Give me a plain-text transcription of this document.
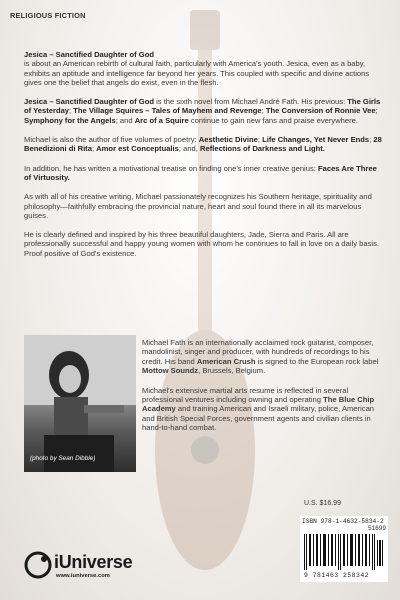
RELIGIOUS FICTION

Jesica – Sanctified Daughter of God
is about an American rebirth of cultural faith, particularly with America's youth. Jesica, even as a baby, exhibits an aptitude and intelligence far beyond her years. This coupled with specific and divine actions gives one the belief that angels do exist, even in the flesh.

Jesica – Sanctified Daughter of God is the sixth novel from Michael André Fath. His previous: The Girls of Yesterday; The Village Squires – Tales of Mayhem and Revenge; The Conversion of Ronnie Vee; Symphony for the Angels; and Arc of a Squire continue to gain new fans and praise everywhere.

Michael is also the author of five volumes of poetry: Aesthetic Divine; Life Changes, Yet Never Ends; 28 Benedizioni di Rita; Amor est Conceptualis; and, Reflections of Darkness and Light.

In addition, he has written a motivational treatise on finding one's inner creative genius: Faces Are Three of Virtuosity.

As with all of his creative writing, Michael passionately recognizes his Southern heritage, spirituality and philosophy—faithfully embracing the provincial nature, heart and soul found there in all its marvelous guises.

He is clearly defined and inspired by his three beautiful daughters, Jade, Sierra and Paris. All are professionally successful and happy young women with whom he continues to fall in love on a daily basis. Proof positive of God's existence.

(photo by Sean Dibble)

Michael Fath is an internationally acclaimed rock guitarist, composer, mandolinist, singer and producer, with hundreds of recordings to his credit. His band American Crush is signed to the European rock label Mottow Soundz, Brussels, Belgium.

Michael's extensive martial arts resume is reflected in several professional ventures including owning and operating The Blue Chip Academy and training American and Israeli military, police, American and British Special Forces, government agents and civilian clients in hand-to-hand combat.

U.S. $16.99
ISBN 978-1-4632-5834-2
51699
9 781463 258342
iUniverse
www.iuniverse.com
